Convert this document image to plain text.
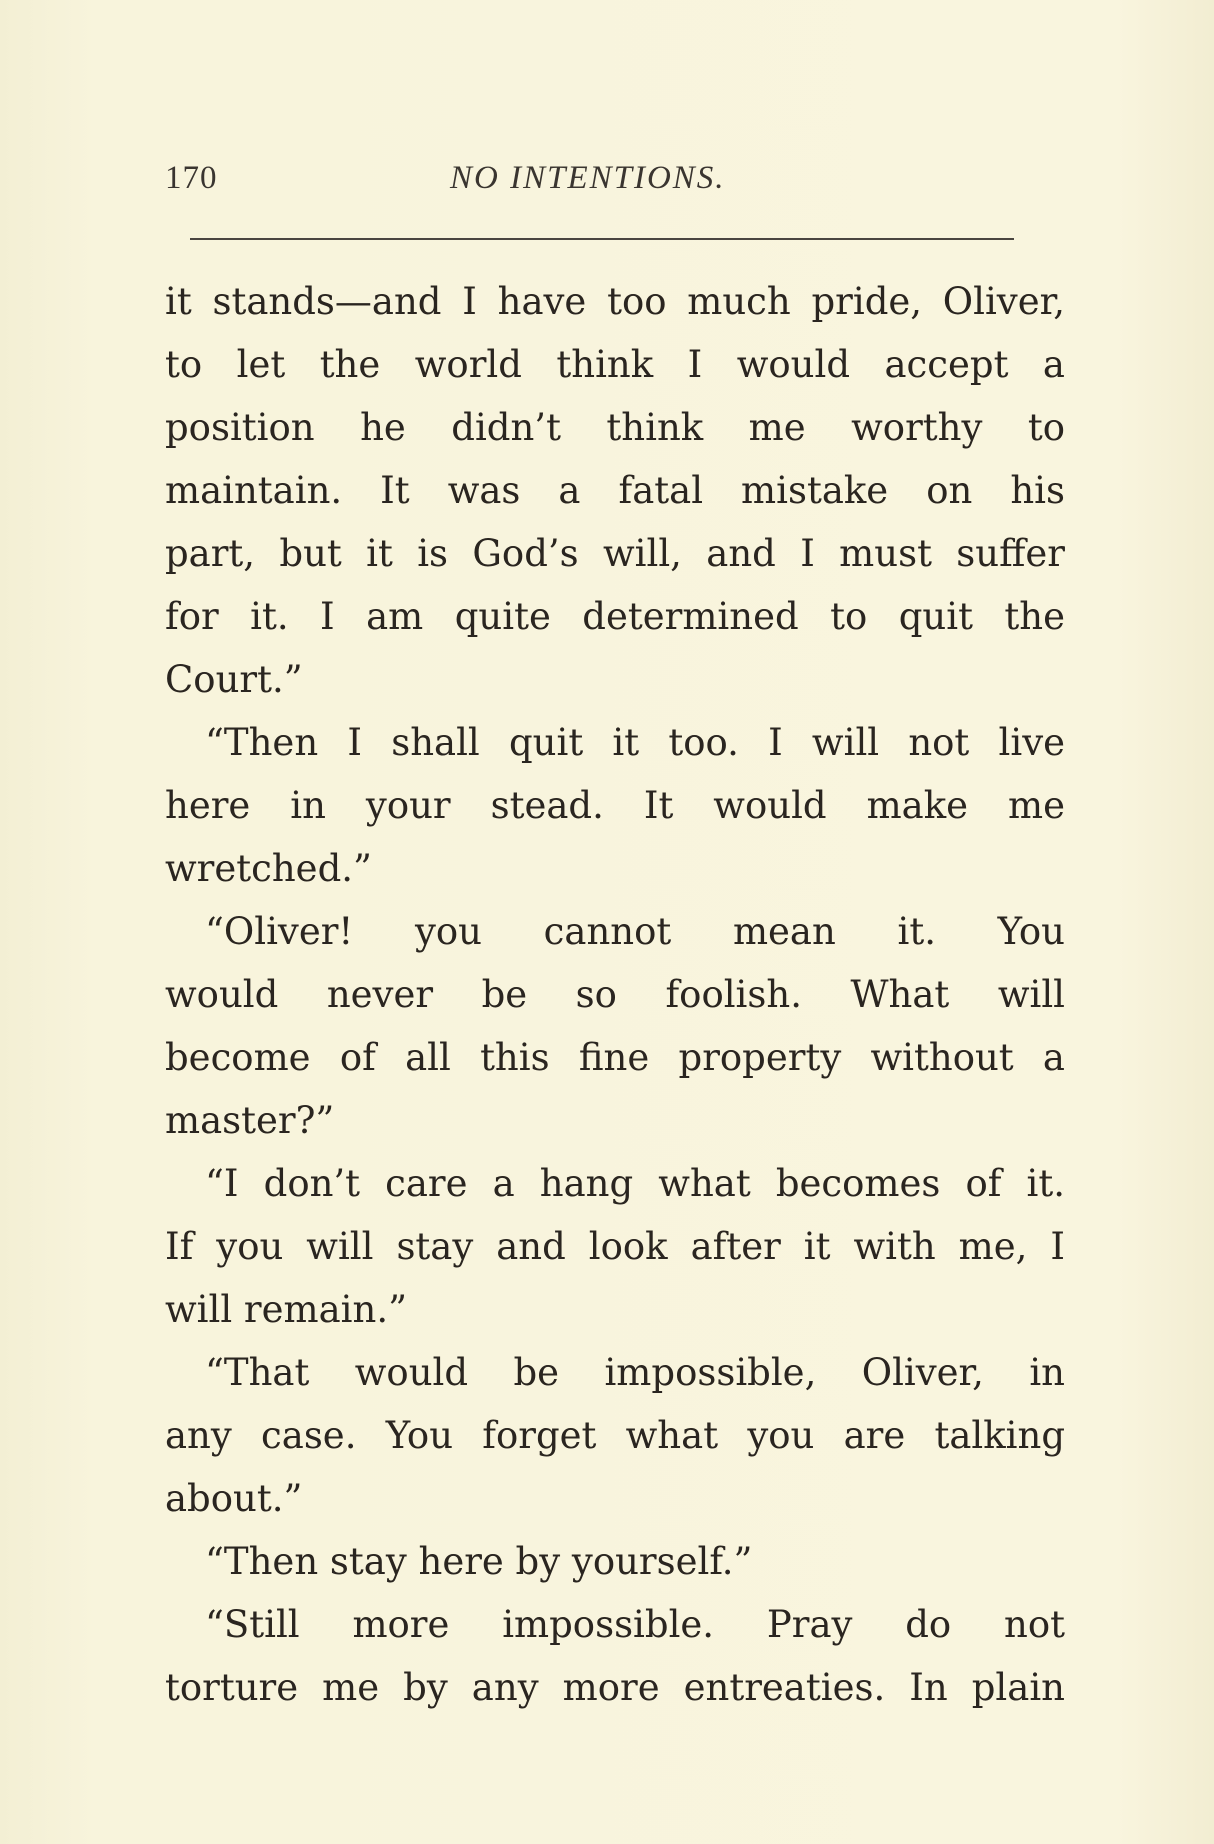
170	NO INTENTIONS.
it stands—and I have too much pride, Oliver,
to let the world think I would accept a
position he didn’t think me worthy to
maintain. It was a fatal mistake on his
part, but it is God’s will, and I must suffer
for it. I am quite determined to quit the
Court.”
“Then I shall quit it too. I will not live
here in your stead. It would make me
wretched.”
“Oliver! you cannot mean it. You
would never be so foolish. What will
become of all this fine property without a
master?”
“I don’t care a hang what becomes of it.
If you will stay and look after it with me, I
will remain.”
“That would be impossible, Oliver, in
any case. You forget what you are talking
about.”
“Then stay here by yourself.”
“Still more impossible. Pray do not
torture me by any more entreaties. In plain
